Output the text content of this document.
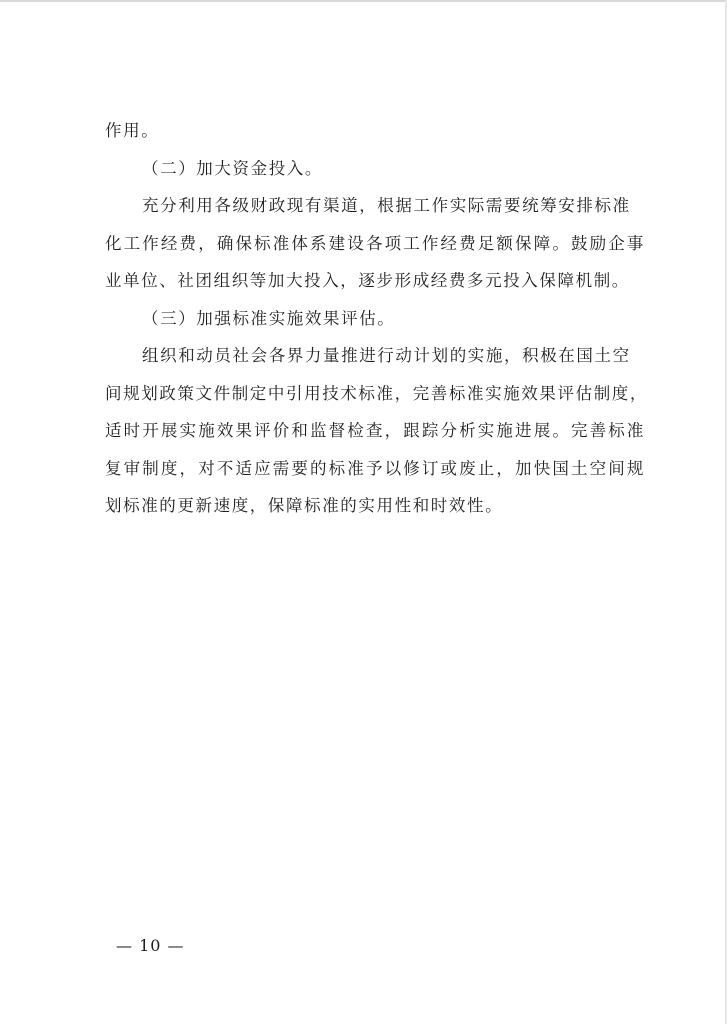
作用。
（二）加大资金投入。
充分利用各级财政现有渠道，根据工作实际需要统筹安排标准
化工作经费，确保标准体系建设各项工作经费足额保障。鼓励企事
业单位、社团组织等加大投入，逐步形成经费多元投入保障机制。
（三）加强标准实施效果评估。
组织和动员社会各界力量推进行动计划的实施，积极在国土空
间规划政策文件制定中引用技术标准，完善标准实施效果评估制度，
适时开展实施效果评价和监督检查，跟踪分析实施进展。完善标准
复审制度，对不适应需要的标准予以修订或废止，加快国土空间规
划标准的更新速度，保障标准的实用性和时效性。
— 10 —
